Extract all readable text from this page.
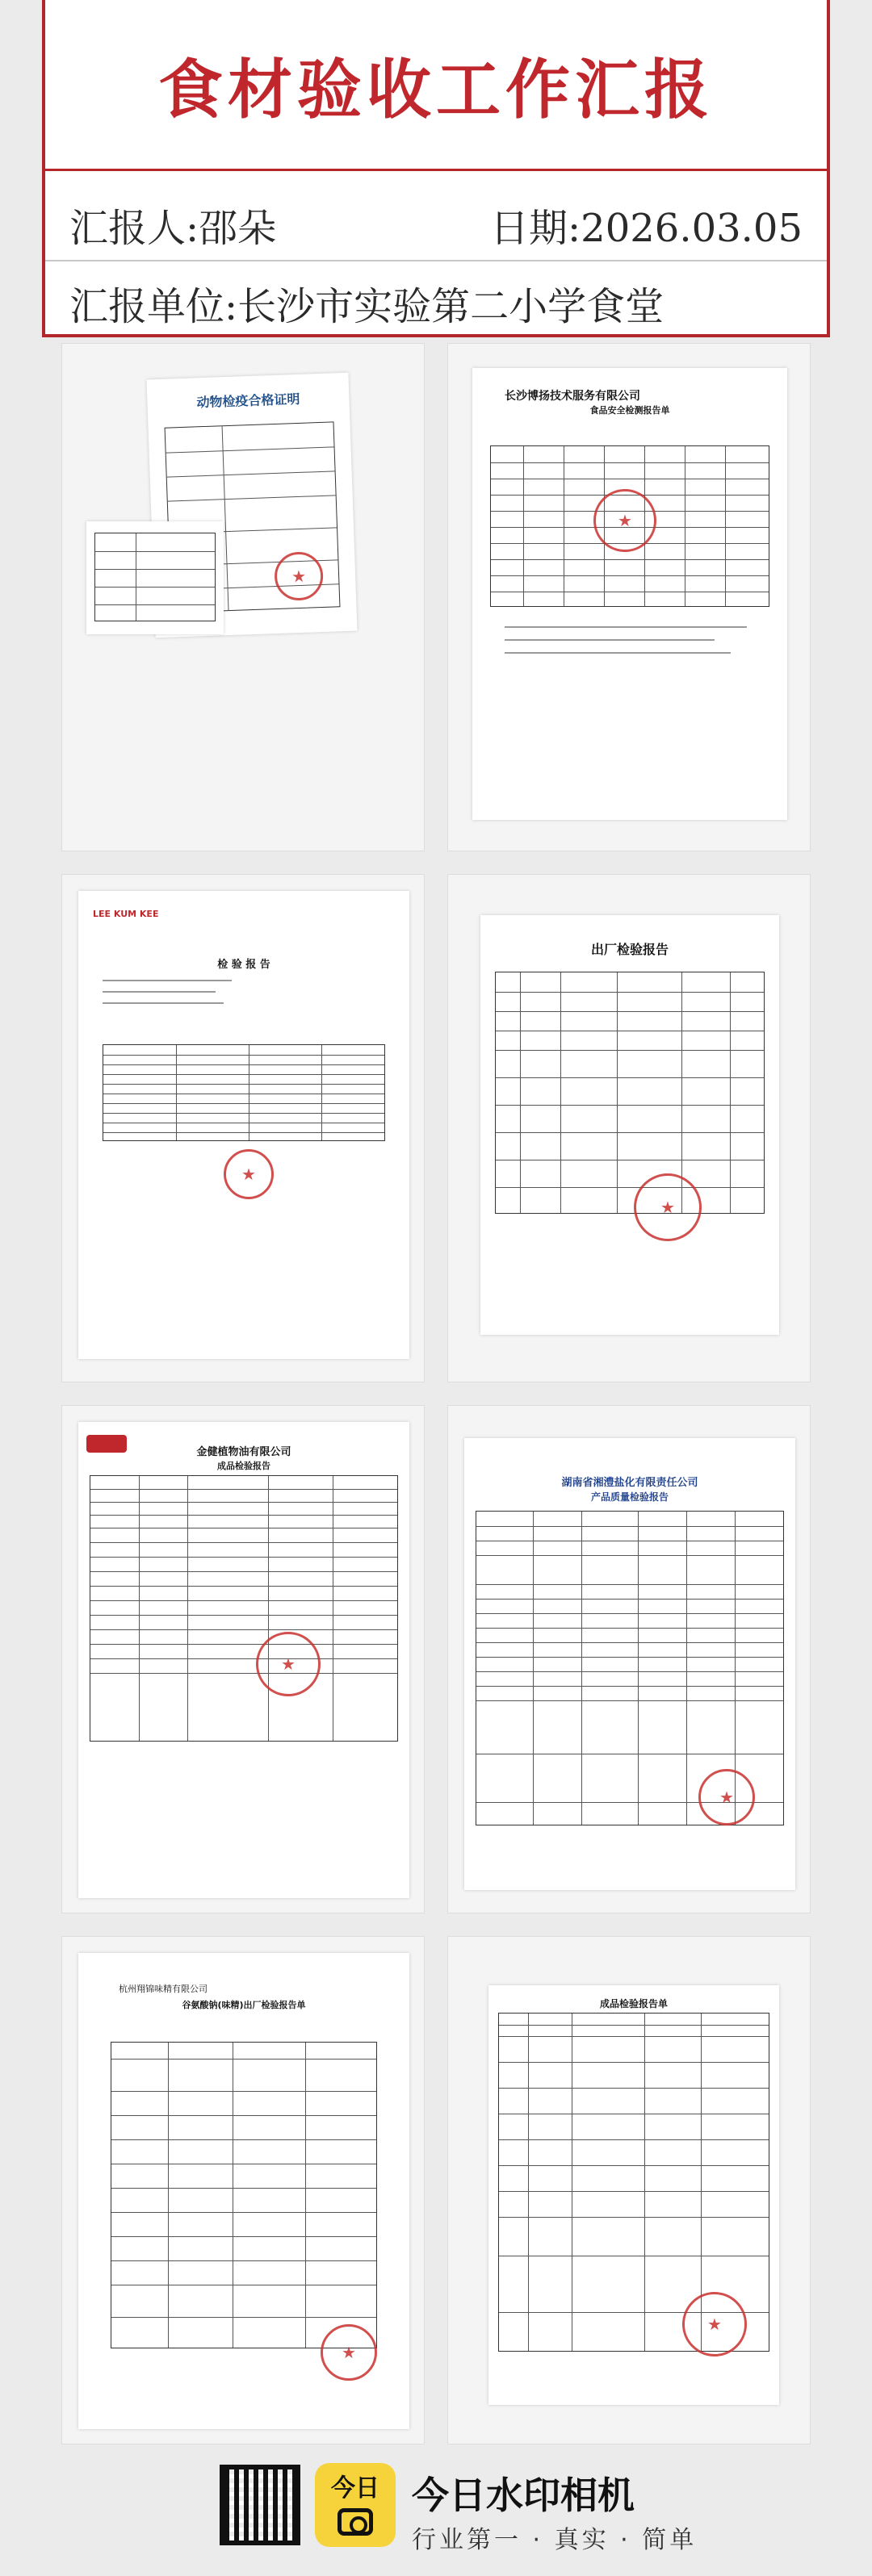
食材验收工作汇报
汇报人:邵朵	日期:2026.03.05
汇报单位:长沙市实验第二小学食堂
动物检疫合格证明
★	长沙博扬技术服务有限公司
食品安全检测报告单
★
LEE KUM KEE
检 验 报 告
★
出厂检验报告
★
金健植物油有限公司
成品检验报告
★
湖南省湘澧盐化有限责任公司
产品质量检验报告
★
杭州翔锦味精有限公司
谷氨酸钠(味精)出厂检验报告单
★	成品检验报告单
★
今日 今日水印相机
行业第一 · 真实 · 简单
